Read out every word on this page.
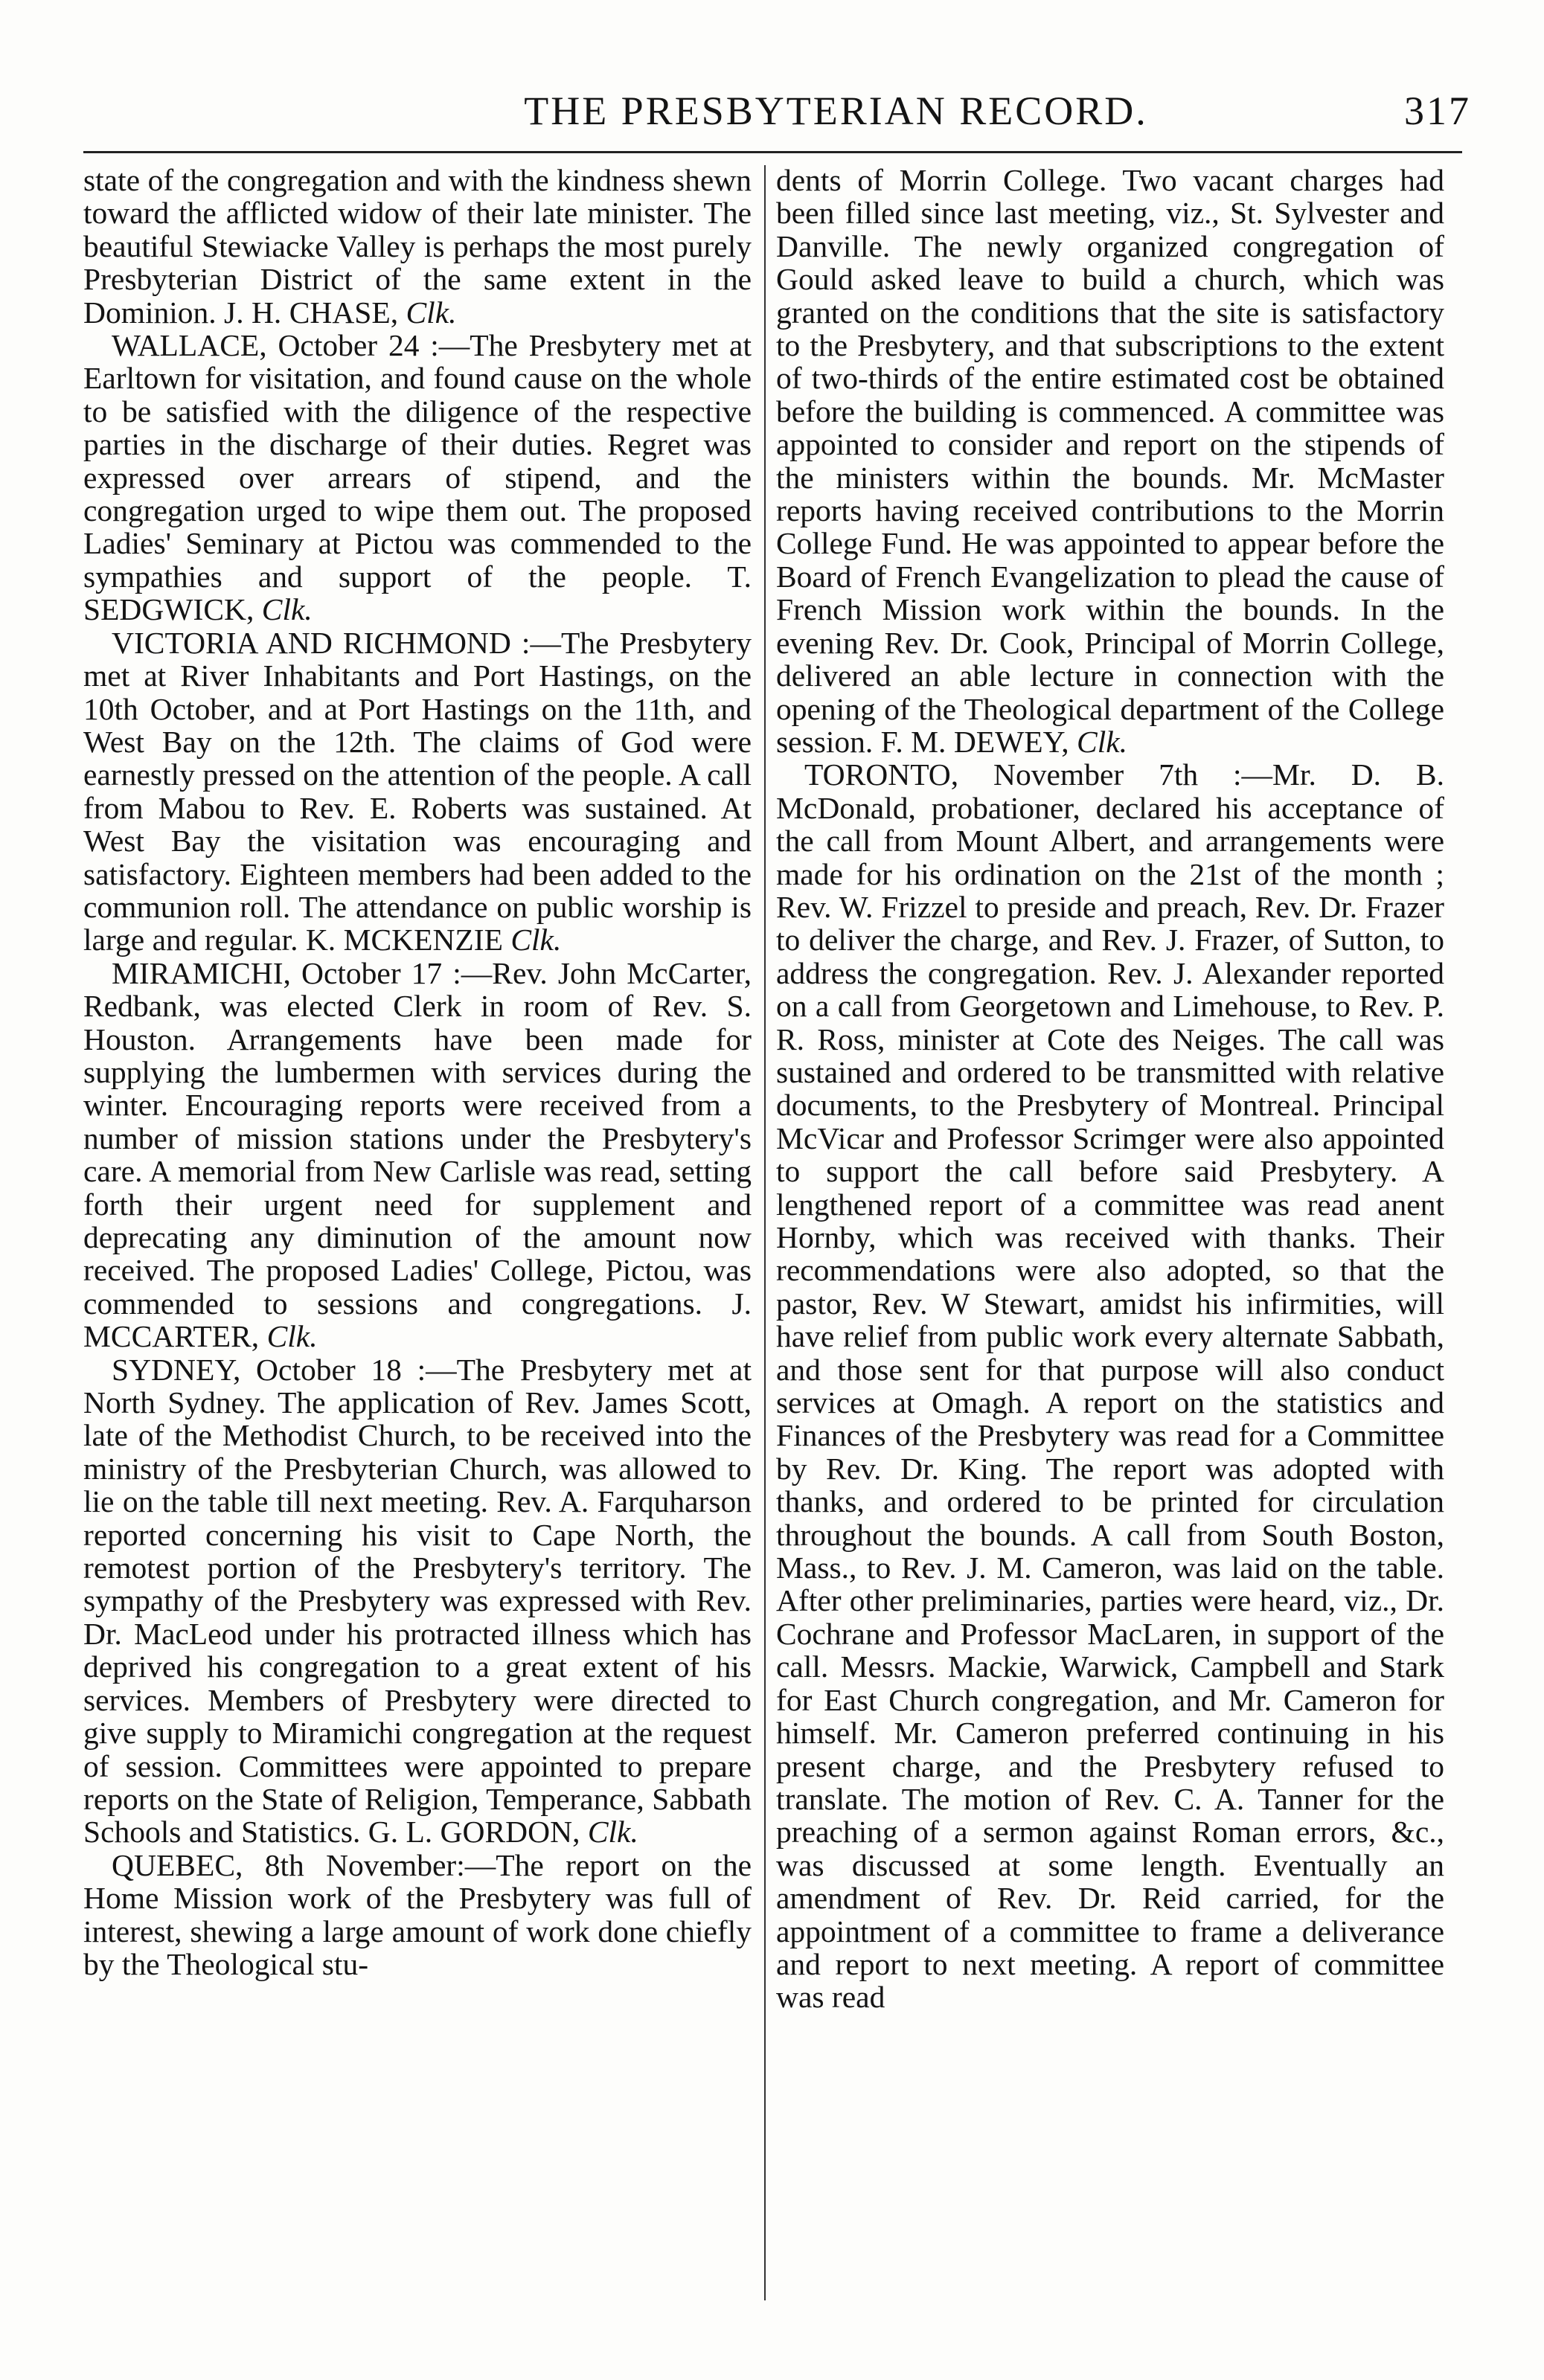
THE PRESBYTERIAN RECORD.	317

state of the congregation and with the kindness shewn toward the afflicted widow of their late minister. The beautiful Stewiacke Valley is perhaps the most purely Presbyterian District of the same extent in the Dominion. J. H. CHASE, Clk.

WALLACE, October 24 :—The Presbytery met at Earltown for visitation, and found cause on the whole to be satisfied with the diligence of the respective parties in the discharge of their duties. Regret was expressed over arrears of stipend, and the congregation urged to wipe them out. The proposed Ladies' Seminary at Pictou was commended to the sympathies and support of the people. T. SEDGWICK, Clk.

VICTORIA AND RICHMOND :—The Presbytery met at River Inhabitants and Port Hastings, on the 10th October, and at Port Hastings on the 11th, and West Bay on the 12th. The claims of God were earnestly pressed on the attention of the people. A call from Mabou to Rev. E. Roberts was sustained. At West Bay the visitation was encouraging and satisfactory. Eighteen members had been added to the communion roll. The attendance on public worship is large and regular. K. MCKENZIE Clk.

MIRAMICHI, October 17 :—Rev. John McCarter, Redbank, was elected Clerk in room of Rev. S. Houston. Arrangements have been made for supplying the lumbermen with services during the winter. Encouraging reports were received from a number of mission stations under the Presbytery's care. A memorial from New Carlisle was read, setting forth their urgent need for supplement and deprecating any diminution of the amount now received. The proposed Ladies' College, Pictou, was commended to sessions and congregations. J. MCCARTER, Clk.

SYDNEY, October 18 :—The Presbytery met at North Sydney. The application of Rev. James Scott, late of the Methodist Church, to be received into the ministry of the Presbyterian Church, was allowed to lie on the table till next meeting. Rev. A. Farquharson reported concerning his visit to Cape North, the remotest portion of the Presbytery's territory. The sympathy of the Presbytery was expressed with Rev. Dr. MacLeod under his protracted illness which has deprived his congregation to a great extent of his services. Members of Presbytery were directed to give supply to Miramichi congregation at the request of session. Committees were appointed to prepare reports on the State of Religion, Temperance, Sabbath Schools and Statistics. G. L. GORDON, Clk.

QUEBEC, 8th November:—The report on the Home Mission work of the Presbytery was full of interest, shewing a large amount of work done chiefly by the Theological stu-

dents of Morrin College. Two vacant charges had been filled since last meeting, viz., St. Sylvester and Danville. The newly organized congregation of Gould asked leave to build a church, which was granted on the conditions that the site is satisfactory to the Presbytery, and that subscriptions to the extent of two-thirds of the entire estimated cost be obtained before the building is commenced. A committee was appointed to consider and report on the stipends of the ministers within the bounds. Mr. McMaster reports having received contributions to the Morrin College Fund. He was appointed to appear before the Board of French Evangelization to plead the cause of French Mission work within the bounds. In the evening Rev. Dr. Cook, Principal of Morrin College, delivered an able lecture in connection with the opening of the Theological department of the College session. F. M. DEWEY, Clk.

TORONTO, November 7th :—Mr. D. B. McDonald, probationer, declared his acceptance of the call from Mount Albert, and arrangements were made for his ordination on the 21st of the month ; Rev. W. Frizzel to preside and preach, Rev. Dr. Frazer to deliver the charge, and Rev. J. Frazer, of Sutton, to address the congregation. Rev. J. Alexander reported on a call from Georgetown and Limehouse, to Rev. P. R. Ross, minister at Cote des Neiges. The call was sustained and ordered to be transmitted with relative documents, to the Presbytery of Montreal. Principal McVicar and Professor Scrimger were also appointed to support the call before said Presbytery. A lengthened report of a committee was read anent Hornby, which was received with thanks. Their recommendations were also adopted, so that the pastor, Rev. W Stewart, amidst his infirmities, will have relief from public work every alternate Sabbath, and those sent for that purpose will also conduct services at Omagh. A report on the statistics and Finances of the Presbytery was read for a Committee by Rev. Dr. King. The report was adopted with thanks, and ordered to be printed for circulation throughout the bounds. A call from South Boston, Mass., to Rev. J. M. Cameron, was laid on the table. After other preliminaries, parties were heard, viz., Dr. Cochrane and Professor MacLaren, in support of the call. Messrs. Mackie, Warwick, Campbell and Stark for East Church congregation, and Mr. Cameron for himself. Mr. Cameron preferred continuing in his present charge, and the Presbytery refused to translate. The motion of Rev. C. A. Tanner for the preaching of a sermon against Roman errors, &c., was discussed at some length. Eventually an amendment of Rev. Dr. Reid carried, for the appointment of a committee to frame a deliverance and report to next meeting. A report of committee was read
